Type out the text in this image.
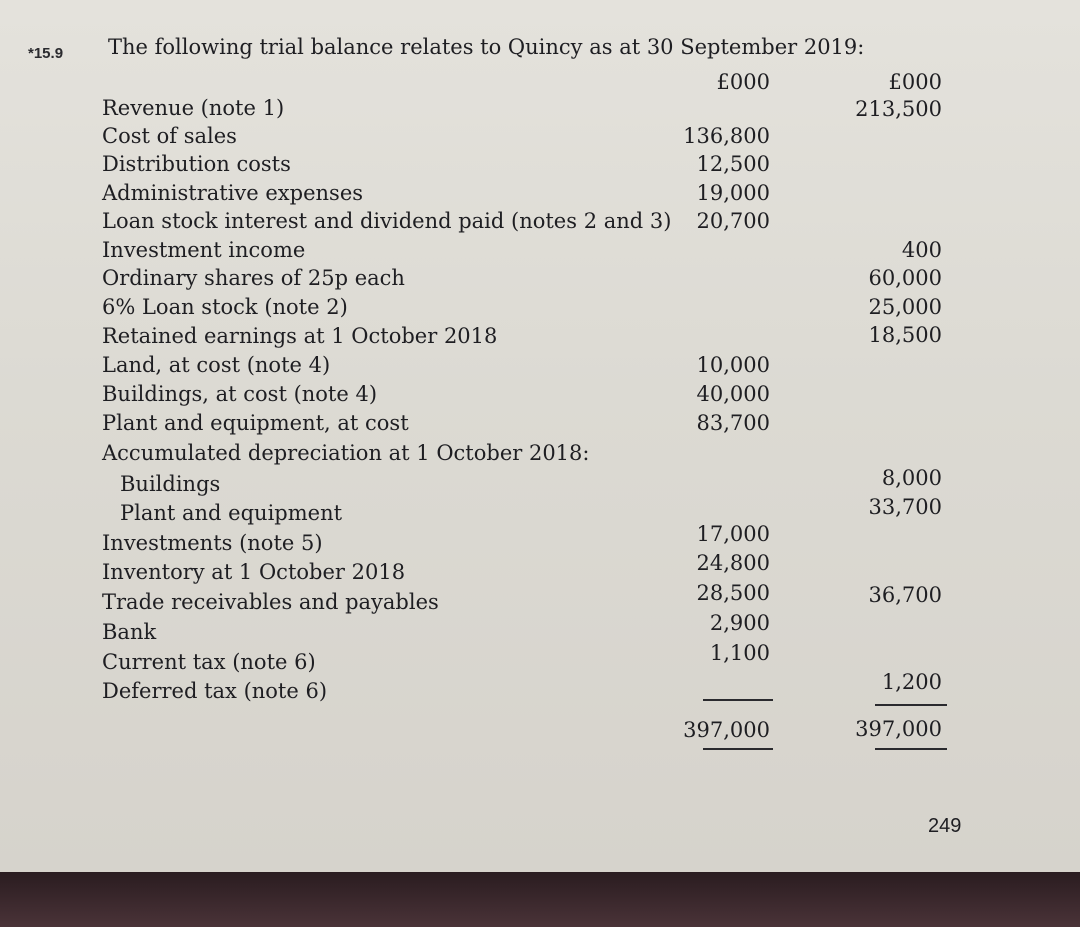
*15.9 The following trial balance relates to Quincy as at 30 September 2019:
£000	£000
Revenue (note 1)
Cost of sales
Distribution costs
Administrative expenses
Loan stock interest and dividend paid (notes 2 and 3)
Investment income
Ordinary shares of 25p each
6% Loan stock (note 2)
Retained earnings at 1 October 2018
Land, at cost (note 4)
Buildings, at cost (note 4)
Plant and equipment, at cost
Accumulated depreciation at 1 October 2018:
Buildings
Plant and equipment
Investments (note 5)
Inventory at 1 October 2018
Trade receivables and payables
Bank
Current tax (note 6)
Deferred tax (note 6)
136,800
12,500
19,000
20,700
10,000
40,000
83,700
17,000
24,800
28,500
2,900
1,100
213,500
400
60,000
25,000
18,500
8,000
33,700
36,700
1,200
397,000	397,000
249
